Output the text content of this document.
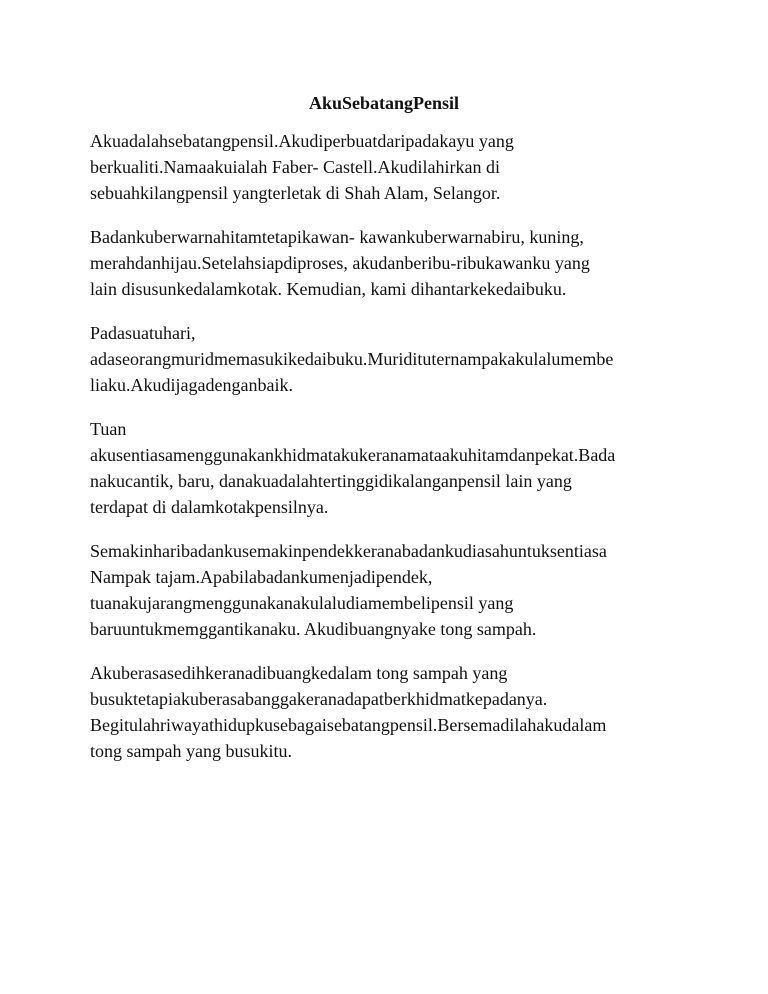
AkuSebatangPensil

Akuadalahsebatangpensil.Akudiperbuatdaripadakayu yang
berkualiti.Namaakuialah Faber- Castell.Akudilahirkan di
sebuahkilangpensil yangterletak di Shah Alam, Selangor.

Badankuberwarnahitamtetapikawan- kawankuberwarnabiru, kuning,
merahdanhijau.Setelahsiapdiproses, akudanberibu-ribukawanku yang
lain disusunkedalamkotak. Kemudian, kami dihantarkekedaibuku.

Padasuatuhari,
adaseorangmuridmemasukikedaibuku.Muridituternampakakulalumembe
liaku.Akudijagadenganbaik.

Tuan
akusentiasamenggunakankhidmatakukeranamataakuhitamdanpekat.Bada
nakucantik, baru, danakuadalahtertinggidikalanganpensil lain yang
terdapat di dalamkotakpensilnya.

Semakinharibadankusemakinpendekkeranabadankudiasahuntuksentiasa
Nampak tajam.Apabilabadankumenjadipendek,
tuanakujarangmenggunakanakulaludiamembelipensil yang
baruuntukmemggantikanaku. Akudibuangnyake tong sampah.

Akuberasasedihkeranadibuangkedalam tong sampah yang
busuktetapiakuberasabanggakeranadapatberkhidmatkepadanya.
Begitulahriwayathidupkusebagaisebatangpensil.Bersemadilahakudalam
tong sampah yang busukitu.
